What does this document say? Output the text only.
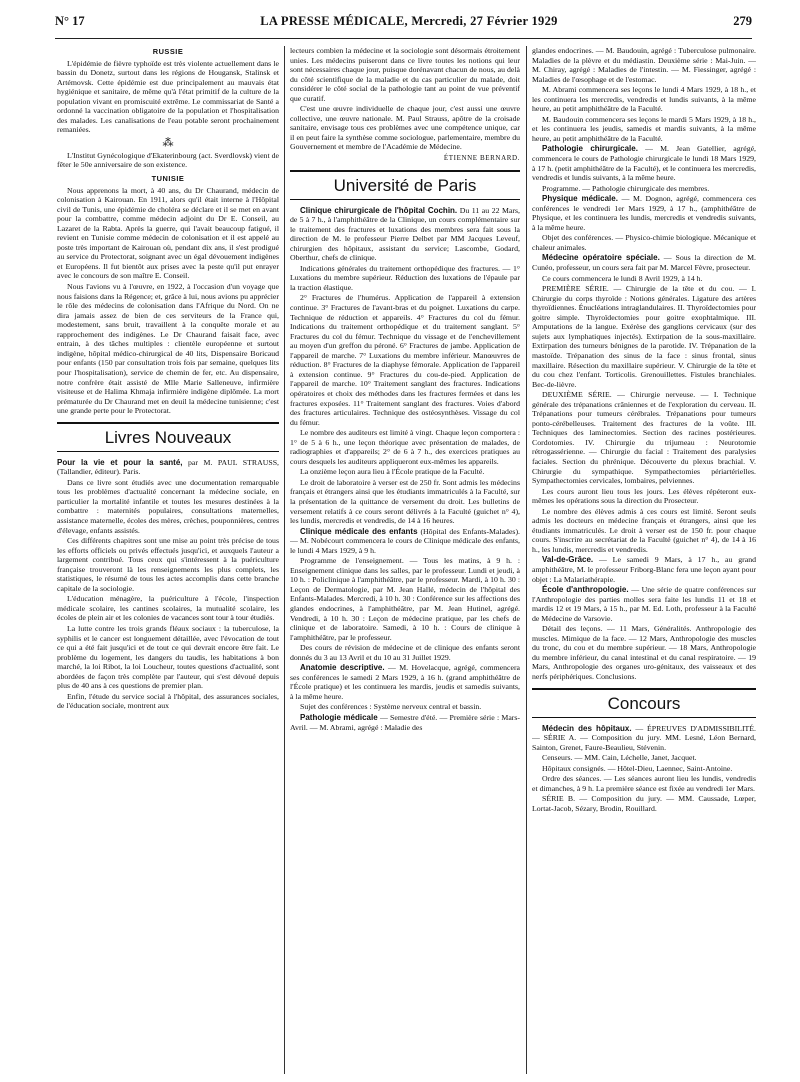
N° 17	LA PRESSE MÉDICALE, Mercredi, 27 Février 1929	279
RUSSIE

L'épidémie de fièvre typhoïde est très violente actuellement dans le bassin du Donetz, surtout dans les régions de Hougansk, Stalinsk et Artémovsk. Cette épidémie est due principalement au mauvais état hygiénique et sanitaire, de même qu'à l'état primitif de la culture de la population vivant en promiscuité extrême. Le commissariat de Santé a ordonné la vaccination obligatoire de la population et l'hospitalisation des malades. Les canalisations de l'eau potable seront prochainement remaniées.

⁂

L'Institut Gynécologique d'Ekaterinbourg (act. Sverdlovsk) vient de fêter le 50e anniversaire de son existence.

TUNISIE

Nous apprenons la mort, à 40 ans, du Dr Chaurand, médecin de colonisation à Kairouan. En 1911, alors qu'il était interne à l'Hôpital civil de Tunis, une épidémie de choléra se déclare et il se met en avant pour la combattre, comme médecin adjoint du Dr E. Conseil, au Lazaret de la Rabta. Après la guerre, qui l'avait beaucoup fatigué, il revient en Tunisie comme médecin de colonisation et il est appelé au poste très important de Kairouan où, pendant dix ans, il s'est prodigué au service du Protectorat, soignant avec un égal dévouement indigènes et Européens. Il fut bientôt aux prises avec la peste qu'il put enrayer avec le concours de son maître E. Conseil.

Nous l'avions vu à l'œuvre, en 1922, à l'occasion d'un voyage que nous faisions dans la Régence; et, grâce à lui, nous avions pu apprécier le rôle des médecins de colonisation dans l'Afrique du Nord. On ne dira jamais assez de bien de ces serviteurs de la France qui, modestement, sans bruit, travaillent à la conquête morale et au rapprochement des indigènes. Le Dr Chaurand faisait face, avec entrain, à des tâches multiples : clientèle européenne et surtout indigène, hôpital médico-chirurgical de 40 lits, Dispensaire Boricaud pour enfants (150 par consultation trois fois par semaine, quelques lits pour l'hospitalisation), service de chemin de fer, etc. Au dispensaire, notre confrère était assisté de Mlle Marie Salleneuve, infirmière visiteuse et de Halima Khmaja infirmière indigène diplômée. La mort prématurée du Dr Chaurand met en deuil la médecine tunisienne; c'est une grande perte pour le Protectorat.

Livres Nouveaux

Pour la vie et pour la santé, par M. PAUL STRAUSS, (Tallandier, éditeur). Paris.

Dans ce livre sont étudiés avec une documentation remarquable tous les problèmes d'actualité concernant la médecine sociale, en particulier la mortalité infantile et toutes les mesures destinées à la combattre : maternités populaires, consultations maternelles, assistance maternelle, écoles des mères, crèches, pouponnières, centres d'élevage, enfants assistés.

Ces différents chapitres sont une mise au point très précise de tous les efforts officiels ou privés effectués jusqu'ici, et auxquels l'auteur a largement contribué. Tous ceux qui s'intéressent à la puériculture française trouveront là les renseignements les plus complets, les statistiques, le résumé de tous les actes accomplis dans cette branche capitale de la sociologie.

L'éducation ménagère, la puériculture à l'école, l'inspection médicale scolaire, les cantines scolaires, la mutualité scolaire, les écoles de plein air et les colonies de vacances sont tour à tour étudiés.

La lutte contre les trois grands fléaux sociaux : la tuberculose, la syphilis et le cancer est longuement détaillée, avec l'évocation de tout ce qui a été fait jusqu'ici et de tout ce qui devrait encore être fait. Le problème du logement, les dangers du taudis, les habitations à bon marché, la loi Ribot, la loi Loucheur, toutes questions d'actualité, sont abordées de façon très complète par l'auteur, qui s'est dévoué depuis plus de 40 ans à ces questions de premier plan.

Enfin, l'étude du service social à l'hôpital, des assurances sociales, de l'éducation sociale, montrent aux

lecteurs combien la médecine et la sociologie sont désormais étroitement unies. Les médecins puiseront dans ce livre toutes les notions qui leur sont nécessaires chaque jour, puisque dorénavant chacun de nous, au delà du côté scientifique de la maladie et du cas particulier du malade, doit considérer le côté social de la pathologie tant au point de vue préventif que curatif.

C'est une œuvre individuelle de chaque jour, c'est aussi une œuvre collective, une œuvre nationale. M. Paul Strauss, apôtre de la croisade sanitaire, envisage tous ces problèmes avec une compétence unique, car il en peut faire la synthèse comme sociologue, parlementaire, membre du Gouvernement et membre de l'Académie de Médecine.

ÉTIENNE BERNARD.
Université de Paris

Clinique chirurgicale de l'hôpital Cochin. Du 11 au 22 Mars, de 5 à 7 h., à l'amphithéâtre de la Clinique, un cours complémentaire sur le traitement des fractures et luxations des membres sera fait sous la direction de M. le professeur Pierre Delbet par MM Jacques Leveuf, chirurgien des hôpitaux, assistant du service; Lascombe, Godard, Oberthur, chefs de clinique.

Indications générales du traitement orthopédique des fractures. — 1° Luxations du membre supérieur. Réduction des luxations de l'épaule par la traction élastique.

2° Fractures de l'humérus. Application de l'appareil à extension continue. 3° Fractures de l'avant-bras et du poignet. Luxations du carpe. Technique de réduction et appareils. 4° Fractures du col du fémur. Indications du traitement orthopédique et du traitement sanglant. 5° Fractures du col du fémur. Technique du vissage et de l'enchevillement au moyen d'un greffon du péroné. 6° Fractures de jambe. Application de l'appareil de marche. 7° Luxations du membre inférieur. Manœuvres de réduction. 8° Fractures de la diaphyse fémorale. Application de l'appareil à extension continue. 9° Fractures du cou-de-pied. Application de l'appareil de marche. 10° Traitement sanglant des fractures. Indications opératoires et choix des méthodes dans les fractures fermées et dans les fractures exposées. 11° Traitement sanglant des fractures. Voies d'abord des fractures articulaires. Technique des ostéosynthèses. Vissage du col du fémur.

Le nombre des auditeurs est limité à vingt. Chaque leçon comportera : 1° de 5 à 6 h., une leçon théorique avec présentation de malades, de radiographies et d'appareils; 2° de 6 à 7 h., des exercices pratiques au cours desquels les auditeurs appliqueront eux-mêmes les appareils.

La onzième leçon aura lieu à l'École pratique de la Faculté.

Le droit de laboratoire à verser est de 250 fr. Sont admis les médecins français et étrangers ainsi que les étudiants immatriculés à la Faculté, sur la présentation de la quittance de versement du droit. Les bulletins de versement relatifs à ce cours seront délivrés à la Faculté (guichet n° 4), les lundis, mercredis et vendredis, de 14 à 16 heures.

Clinique médicale des enfants (Hôpital des Enfants-Malades). — M. Nobécourt commencera le cours de Clinique médicale des enfants, le lundi 4 Mars 1929, à 9 h.

Programme de l'enseignement. — Tous les matins, à 9 h. : Enseignement clinique dans les salles, par le professeur. Lundi et jeudi, à 10 h. : Policlinique à l'amphithéâtre, par le professeur. Mardi, à 10 h. 30 : Leçon de Dermatologie, par M. Jean Hallé, médecin de l'hôpital des Enfants-Malades. Mercredi, à 10 h. 30 : Conférence sur les affections des glandes endocrines, à l'amphithéâtre, par M. Jean Hutinel, agrégé. Vendredi, à 10 h. 30 : Leçon de médecine pratique, par les chefs de clinique et de laboratoire. Samedi, à 10 h. : Cours de clinique à l'amphithéâtre, par le professeur.

Des cours de révision de médecine et de clinique des enfants seront donnés du 3 au 13 Avril et du 10 au 31 Juillet 1929.

Anatomie descriptive. — M. Hovelacque, agrégé, commencera ses conférences le samedi 2 Mars 1929, à 16 h. (grand amphithéâtre de l'École pratique) et les continuera les mardis, jeudis et samedis suivants, à la même heure.

Sujet des conférences : Système nerveux central et bassin.

Pathologie médicale — Semestre d'été. — Première série : Mars-Avril. — M. Abrami, agrégé : Maladie des

glandes endocrines. — M. Baudouin, agrégé : Tuberculose pulmonaire. Maladies de la plèvre et du médiastin. Deuxième série : Mai-Juin. — M. Chiray, agrégé : Maladies de l'intestin. — M. Fiessinger, agrégé : Maladies de l'œsophage et de l'estomac.

M. Abrami commencera ses leçons le lundi 4 Mars 1929, à 18 h., et les continuera les mercredis, vendredis et lundis suivants, à la même heure, au petit amphithéâtre de la Faculté.

M. Baudouin commencera ses leçons le mardi 5 Mars 1929, à 18 h., et les continuera les jeudis, samedis et mardis suivants, à la même heure, au petit amphithéâtre de la Faculté.

Pathologie chirurgicale. — M. Jean Gatellier, agrégé, commencera le cours de Pathologie chirurgicale le lundi 18 Mars 1929, à 17 h. (petit amphithéâtre de la Faculté), et le continuera les mercredis, vendredis et lundis suivants, à la même heure.

Programme. — Pathologie chirurgicale des membres.

Physique médicale. — M. Dognon, agrégé, commencera ces conférences le vendredi 1er Mars 1929, à 17 h., (amphithéâtre de Physique, et les continuera les lundis, mercredis et vendredis suivants, à la même heure.

Objet des conférences. — Physico-chimie biologique. Mécanique et chaleur animales.

Médecine opératoire spéciale. — Sous la direction de M. Cunéo, professeur, un cours sera fait par M. Marcel Fèvre, prosecteur.

Ce cours commencera le lundi 8 Avril 1929, à 14 h.

PREMIÈRE SÉRIE. — Chirurgie de la tête et du cou. — I. Chirurgie du corps thyroïde : Notions générales. Ligature des artères thyroïdiennes. Énucléations intraglandulaires. II. Thyroïdectomies pour goitre simple. Thyroïdectomies pour goitre exophtalmique. III. Amputations de la langue. Exérèse des ganglions cervicaux (sur des sujets aux lymphatiques injectés). Extirpation de la sous-maxillaire. Extirpation des tumeurs bénignes de la parotide. IV. Trépanation de la mastoïde. Trépanation des sinus de la face : sinus frontal, sinus maxillaire. Résection du maxillaire supérieur. V. Chirurgie de la tête et du cou chez l'enfant. Torticolis. Grenouillettes. Fistules branchiales. Bec-de-lièvre.

DEUXIÈME SÉRIE. — Chirurgie nerveuse. — I. Technique générale des trépanations crâniennes et de l'exploration du cerveau. II. Trépanations pour tumeurs cérébrales. Trépanations pour tumeurs ponto-cérébelleuses. Traitement des fractures de la voûte. III. Techniques des laminectomies. Section des racines postérieures. Cordotomies. IV. Chirurgie du trijumeau : Neurotomie rétrogassérienne. — Chirurgie du facial : Traitement des paralysies faciales. Section du phrénique. Découverte du plexus brachial. V. Chirurgie du sympathique. Sympathectomies périartérielles. Sympathectomies cervicales, lombaires, pelviennes.

Les cours auront lieu tous les jours. Les élèves répéteront eux-mêmes les opérations sous la direction du Prosecteur.

Le nombre des élèves admis à ces cours est limité. Seront seuls admis les docteurs en médecine français et étrangers, ainsi que les étudiants immatriculés. Le droit à verser est de 150 fr. pour chaque cours. S'inscrire au secrétariat de la Faculté (guichet n° 4), de 14 à 16 h., les lundis, mercredis et vendredis.

Val-de-Grâce. — Le samedi 9 Mars, à 17 h., au grand amphithéâtre, M. le professeur Friborg-Blanc fera une leçon ayant pour objet : La Malariathérapie.

École d'anthropologie. — Une série de quatre conférences sur l'Anthropologie des parties molles sera faite les lundis 11 et 18 et mardis 12 et 19 Mars, à 15 h., par M. Ed. Loth, professeur à la Faculté de Médecine de Varsovie.

Détail des leçons. — 11 Mars, Généralités. Anthropologie des muscles. Mimique de la face. — 12 Mars, Anthropologie des muscles du tronc, du cou et du membre supérieur. — 18 Mars, Anthropologie du membre inférieur, du canal intestinal et du canal respiratoire. — 19 Mars, Anthropologie des organes uro-génitaux, des vaisseaux et des nerfs périphériques. Conclusions.

Concours

Médecin des hôpitaux. — ÉPREUVES D'ADMISSIBILITÉ. — SÉRIE A. — Composition du jury. MM. Lesné, Léon Bernard, Sainton, Grenet, Faure-Beaulieu, Stévenin.

Censeurs. — MM. Cain, Léchelle, Janet, Jacquet.

Hôpitaux consignés. — Hôtel-Dieu, Laennec, Saint-Antoine.

Ordre des séances. — Les séances auront lieu les lundis, vendredis et dimanches, à 9 h. La première séance est fixée au vendredi 1er Mars.

SÉRIE B. — Composition du jury. — MM. Caussade, Lœper, Lortat-Jacob, Sézary, Brodin, Rouillard.
